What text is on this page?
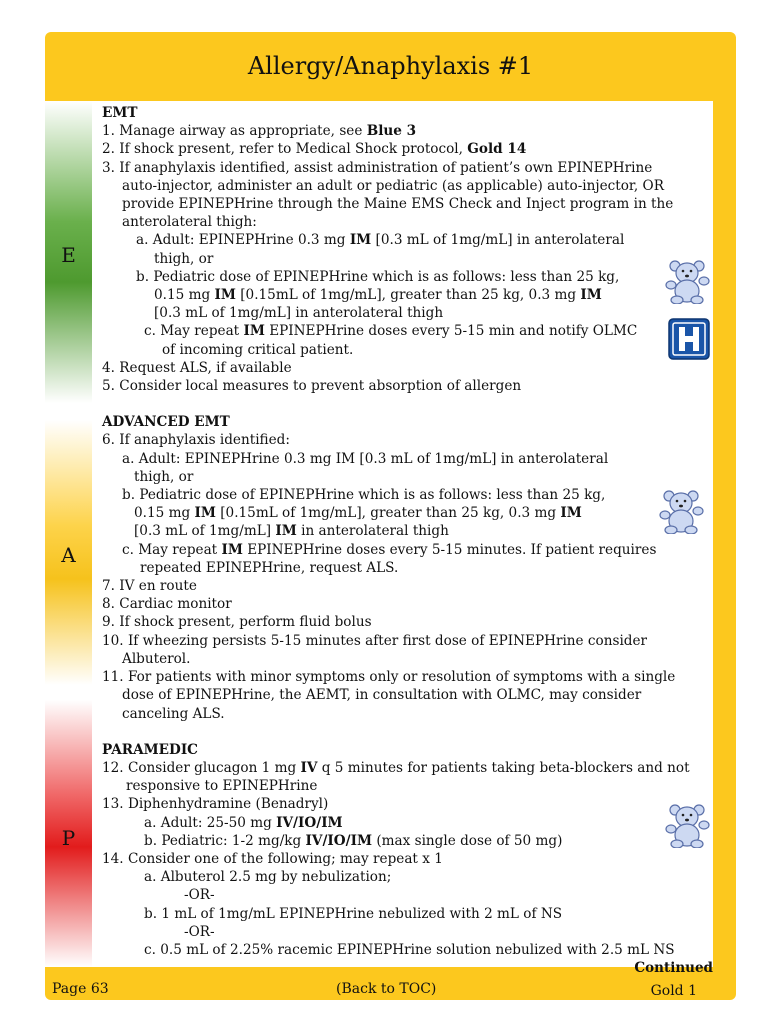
Allergy/Anaphylaxis #1
E
A
P
EMT
1. Manage airway as appropriate, see Blue 3
2. If shock present, refer to Medical Shock protocol, Gold 14
3. If anaphylaxis identified, assist administration of patient’s own EPINEPHrine
auto-injector, administer an adult or pediatric (as applicable) auto-injector, OR
provide EPINEPHrine through the Maine EMS Check and Inject program in the
anterolateral thigh:
a. Adult: EPINEPHrine 0.3 mg IM [0.3 mL of 1mg/mL] in anterolateral
thigh, or
b. Pediatric dose of EPINEPHrine which is as follows: less than 25 kg,
0.15 mg IM [0.15mL of 1mg/mL], greater than 25 kg, 0.3 mg IM
[0.3 mL of 1mg/mL] in anterolateral thigh
c. May repeat IM EPINEPHrine doses every 5-15 min and notify OLMC
of incoming critical patient.
4. Request ALS, if available
5. Consider local measures to prevent absorption of allergen
ADVANCED EMT
6. If anaphylaxis identified:
a. Adult: EPINEPHrine 0.3 mg IM [0.3 mL of 1mg/mL] in anterolateral
thigh, or
b. Pediatric dose of EPINEPHrine which is as follows: less than 25 kg,
0.15 mg IM [0.15mL of 1mg/mL], greater than 25 kg, 0.3 mg IM
[0.3 mL of 1mg/mL] IM in anterolateral thigh
c. May repeat IM EPINEPHrine doses every 5-15 minutes. If patient requires
repeated EPINEPHrine, request ALS.
7. IV en route
8. Cardiac monitor
9. If shock present, perform fluid bolus
10. If wheezing persists 5-15 minutes after first dose of EPINEPHrine consider
Albuterol.
11. For patients with minor symptoms only or resolution of symptoms with a single
dose of EPINEPHrine, the AEMT, in consultation with OLMC, may consider
canceling ALS.
PARAMEDIC
12. Consider glucagon 1 mg IV q 5 minutes for patients taking beta-blockers and not
responsive to EPINEPHrine
13. Diphenhydramine (Benadryl)
a. Adult: 25-50 mg IV/IO/IM
b. Pediatric: 1-2 mg/kg IV/IO/IM (max single dose of 50 mg)
14. Consider one of the following; may repeat x 1
a. Albuterol 2.5 mg by nebulization;
-OR-
b. 1 mL of 1mg/mL EPINEPHrine nebulized with 2 mL of NS
-OR-
c. 0.5 mL of 2.25% racemic EPINEPHrine solution nebulized with 2.5 mL NS
Continued
Page 63	(Back to TOC)	Gold 1
